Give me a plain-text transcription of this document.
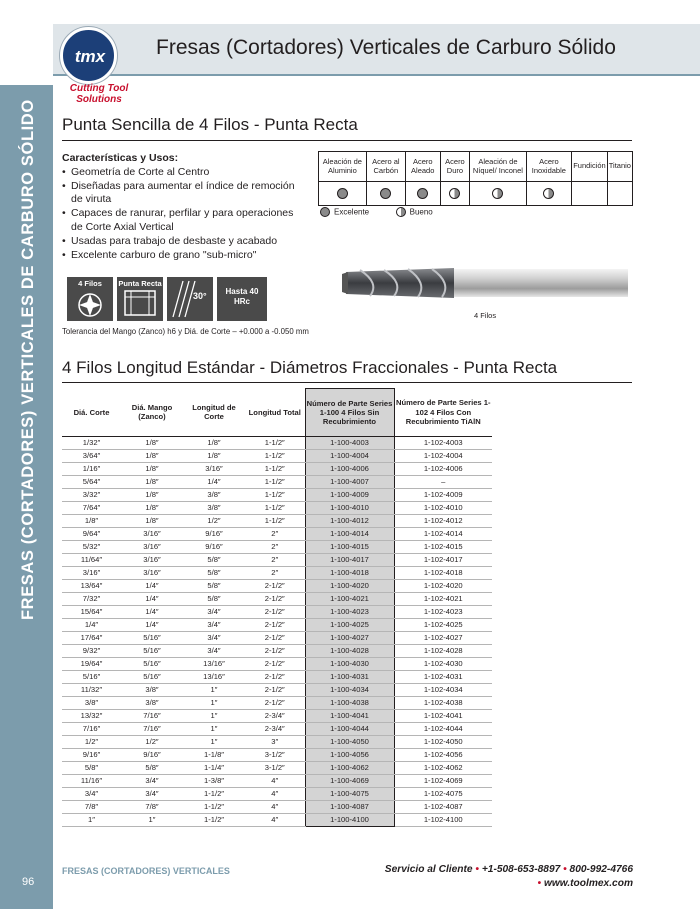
FRESAS (CORTADORES) VERTICALES DE CARBURO SÓLIDO
Fresas (Cortadores) Verticales de Carburo Sólido
tmx
Cutting Tool Solutions
Punta Sencilla de 4 Filos - Punta Recta
Características y Usos:
• Geometría de Corte al Centro
• Diseñadas para aumentar el índice de remoción de viruta
• Capaces de ranurar, perfilar y para operaciones de Corte Axial Vertical
• Usadas para trabajo de desbaste y acabado
• Excelente carburo de grano "sub-micro"
4 Filos	Punta Recta
30°	Hasta 40 HRc
Tolerancia del Mango (Zanco) h6 y Diá. de Corte – +0.000 a -0.050 mm
Aleación de Aluminio	Acero al Carbón	Acero Aleado	Acero Duro	Aleación de Níquel/ Inconel	Acero Inoxidable	Fundición	Titanio

Excelente	Bueno
4 Filos
4 Filos Longitud Estándar - Diámetros Fraccionales - Punta Recta
Diá. Corte	Diá. Mango (Zanco)	Longitud de Corte	Longitud Total	Número de Parte Series 1-100 4 Filos Sin Recubrimiento	Número de Parte Series 1-102 4 Filos Con Recubrimiento TiAlN
1/32″	1/8″	1/8″	1-1/2″	1-100-4003	1-102-4003
3/64″	1/8″	1/8″	1-1/2″	1-100-4004	1-102-4004
1/16″	1/8″	3/16″	1-1/2″	1-100-4006	1-102-4006
5/64″	1/8″	1/4″	1-1/2″	1-100-4007	–
3/32″	1/8″	3/8″	1-1/2″	1-100-4009	1-102-4009
7/64″	1/8″	3/8″	1-1/2″	1-100-4010	1-102-4010
1/8″	1/8″	1/2″	1-1/2″	1-100-4012	1-102-4012
9/64″	3/16″	9/16″	2″	1-100-4014	1-102-4014
5/32″	3/16″	9/16″	2″	1-100-4015	1-102-4015
11/64″	3/16″	5/8″	2″	1-100-4017	1-102-4017
3/16″	3/16″	5/8″	2″	1-100-4018	1-102-4018
13/64″	1/4″	5/8″	2-1/2″	1-100-4020	1-102-4020
7/32″	1/4″	5/8″	2-1/2″	1-100-4021	1-102-4021
15/64″	1/4″	3/4″	2-1/2″	1-100-4023	1-102-4023
1/4″	1/4″	3/4″	2-1/2″	1-100-4025	1-102-4025
17/64″	5/16″	3/4″	2-1/2″	1-100-4027	1-102-4027
9/32″	5/16″	3/4″	2-1/2″	1-100-4028	1-102-4028
19/64″	5/16″	13/16″	2-1/2″	1-100-4030	1-102-4030
5/16″	5/16″	13/16″	2-1/2″	1-100-4031	1-102-4031
11/32″	3/8″	1″	2-1/2″	1-100-4034	1-102-4034
3/8″	3/8″	1″	2-1/2″	1-100-4038	1-102-4038
13/32″	7/16″	1″	2-3/4″	1-100-4041	1-102-4041
7/16″	7/16″	1″	2-3/4″	1-100-4044	1-102-4044
1/2″	1/2″	1″	3″	1-100-4050	1-102-4050
9/16″	9/16″	1-1/8″	3-1/2″	1-100-4056	1-102-4056
5/8″	5/8″	1-1/4″	3-1/2″	1-100-4062	1-102-4062
11/16″	3/4″	1-3/8″	4″	1-100-4069	1-102-4069
3/4″	3/4″	1-1/2″	4″	1-100-4075	1-102-4075
7/8″	7/8″	1-1/2″	4″	1-100-4087	1-102-4087
1″	1″	1-1/2″	4″	1-100-4100	1-102-4100
FRESAS (CORTADORES) VERTICALES	Servicio al Cliente • +1-508-653-8897 • 800-992-4766
• www.toolmex.com
96
